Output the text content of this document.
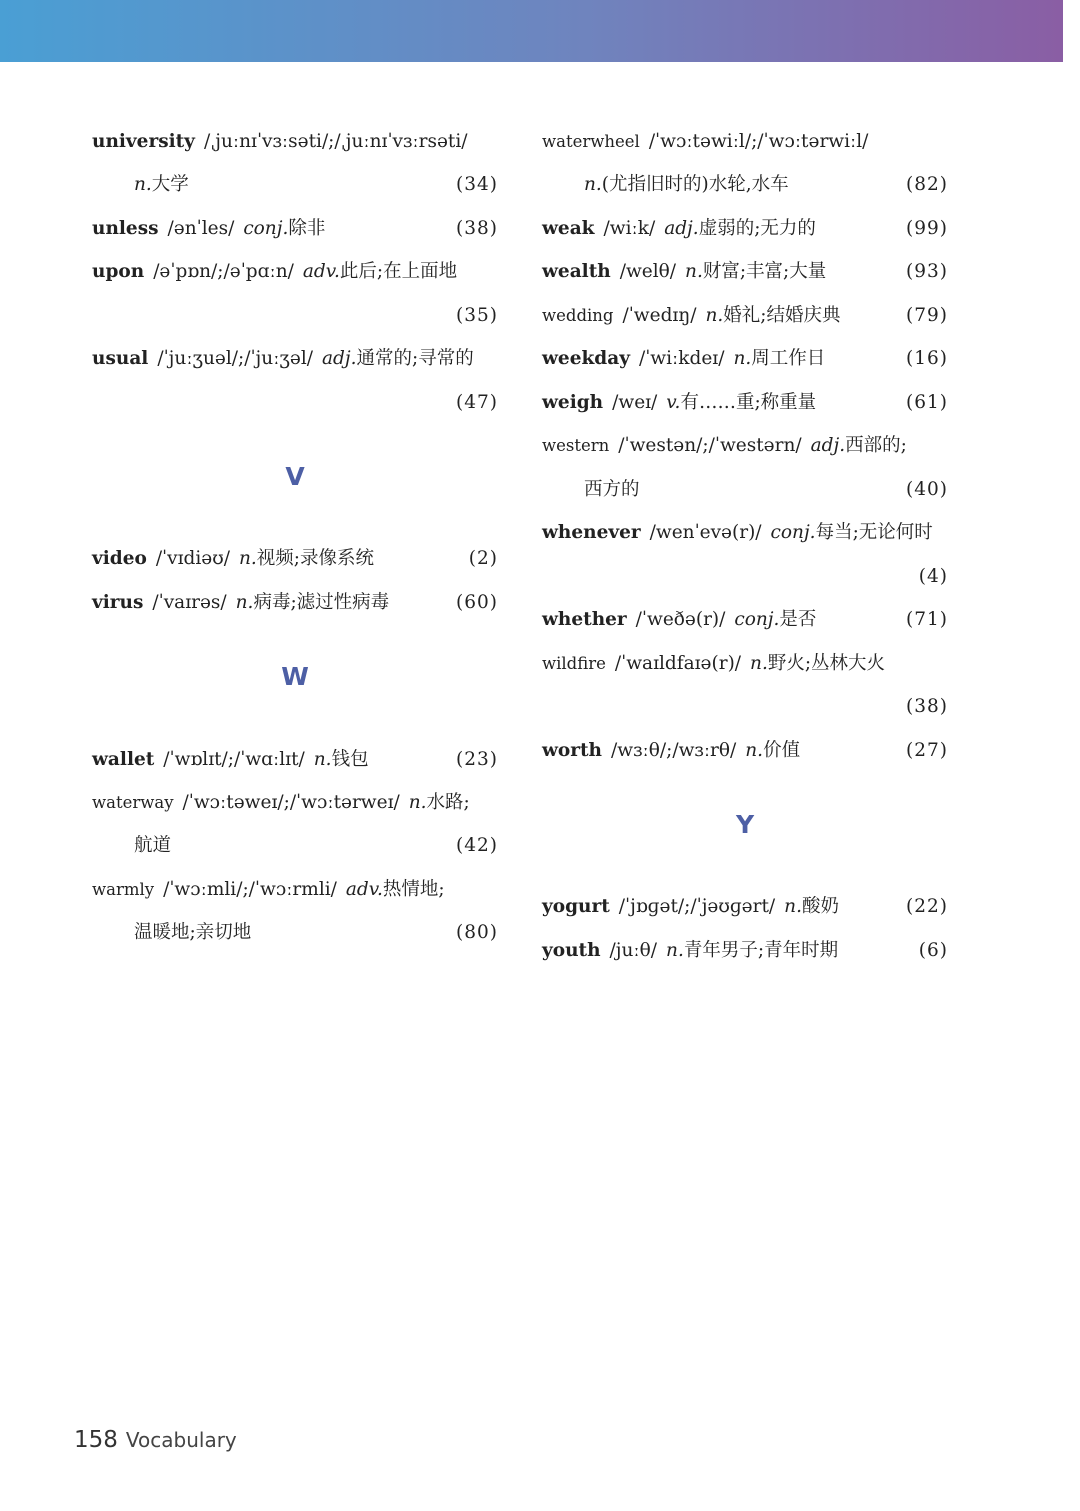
university /ˌjuːnɪˈvɜːsəti/;/ˌjuːnɪˈvɜːrsəti/
n.大学	(34)
unless /ənˈles/ conj.除非	(38)
upon /əˈpɒn/;/əˈpɑːn/ adv.此后;在上面地
(35)
usual /ˈjuːʒuəl/;/ˈjuːʒəl/ adj.通常的;寻常的
(47)
V
video /ˈvɪdiəʊ/ n.视频;录像系统	(2)
virus /ˈvaɪrəs/ n.病毒;滤过性病毒	(60)
W
wallet /ˈwɒlɪt/;/ˈwɑːlɪt/ n.钱包	(23)
waterway /ˈwɔːtəweɪ/;/ˈwɔːtərweɪ/ n.水路;
航道	(42)
warmly /ˈwɔːmli/;/ˈwɔːrmli/ adv.热情地;
温暖地;亲切地	(80)
waterwheel /ˈwɔːtəwiːl/;/ˈwɔːtərwiːl/
n.(尤指旧时的)水轮,水车	(82)
weak /wiːk/ adj.虚弱的;无力的	(99)
wealth /welθ/ n.财富;丰富;大量	(93)
wedding /ˈwedɪŋ/ n.婚礼;结婚庆典	(79)
weekday /ˈwiːkdeɪ/ n.周工作日	(16)
weigh /weɪ/ v.有……重;称重量	(61)
western /ˈwestən/;/ˈwestərn/ adj.西部的;
西方的	(40)
whenever /wenˈevə(r)/ conj.每当;无论何时
(4)
whether /ˈweðə(r)/ conj.是否	(71)
wildfire /ˈwaɪldfaɪə(r)/ n.野火;丛林大火
(38)
worth /wɜːθ/;/wɜːrθ/ n.价值	(27)
Y
yogurt /ˈjɒɡət/;/ˈjəʊɡərt/ n.酸奶	(22)
youth /juːθ/ n.青年男子;青年时期	(6)
158 Vocabulary
